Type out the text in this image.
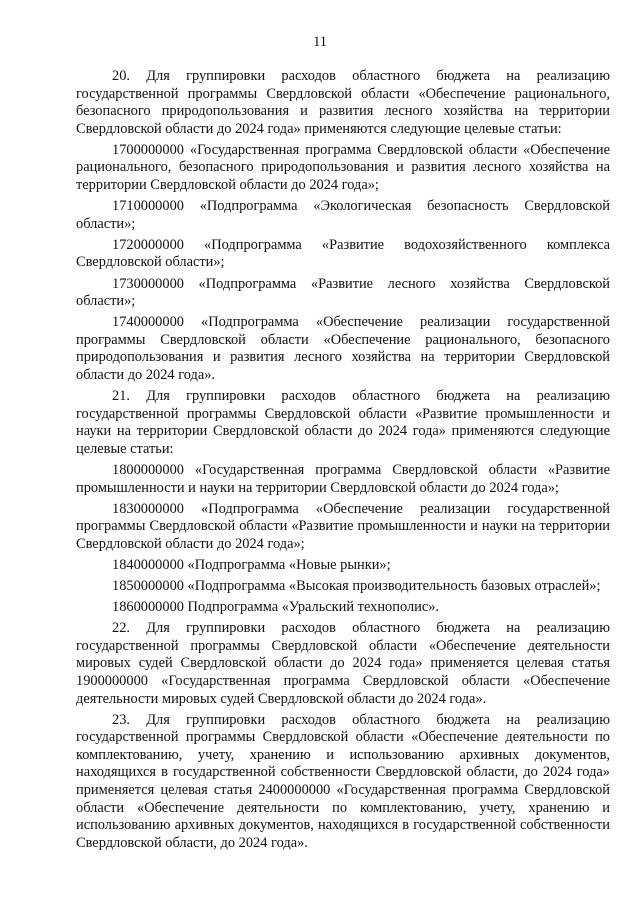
11

20. Для группировки расходов областного бюджета на реализацию государственной программы Свердловской области «Обеспечение рационального, безопасного природопользования и развития лесного хозяйства на территории Свердловской области до 2024 года» применяются следующие целевые статьи:

1700000000 «Государственная программа Свердловской области «Обеспечение рационального, безопасного природопользования и развития лесного хозяйства на территории Свердловской области до 2024 года»;

1710000000 «Подпрограмма «Экологическая безопасность Свердловской области»;

1720000000 «Подпрограмма «Развитие водохозяйственного комплекса Свердловской области»;

1730000000 «Подпрограмма «Развитие лесного хозяйства Свердловской области»;

1740000000 «Подпрограмма «Обеспечение реализации государственной программы Свердловской области «Обеспечение рационального, безопасного природопользования и развития лесного хозяйства на территории Свердловской области до 2024 года».

21. Для группировки расходов областного бюджета на реализацию государственной программы Свердловской области «Развитие промышленности и науки на территории Свердловской области до 2024 года» применяются следующие целевые статьи:

1800000000 «Государственная программа Свердловской области «Развитие промышленности и науки на территории Свердловской области до 2024 года»;

1830000000 «Подпрограмма «Обеспечение реализации государственной программы Свердловской области «Развитие промышленности и науки на территории Свердловской области до 2024 года»;

1840000000 «Подпрограмма «Новые рынки»;

1850000000 «Подпрограмма «Высокая производительность базовых отраслей»;

1860000000 Подпрограмма «Уральский технополис».

22. Для группировки расходов областного бюджета на реализацию государственной программы Свердловской области «Обеспечение деятельности мировых судей Свердловской области до 2024 года» применяется целевая статья 1900000000 «Государственная программа Свердловской области «Обеспечение деятельности мировых судей Свердловской области до 2024 года».

23. Для группировки расходов областного бюджета на реализацию государственной программы Свердловской области «Обеспечение деятельности по комплектованию, учету, хранению и использованию архивных документов, находящихся в государственной собственности Свердловской области, до 2024 года» применяется целевая статья 2400000000 «Государственная программа Свердловской области «Обеспечение деятельности по комплектованию, учету, хранению и использованию архивных документов, находящихся в государственной собственности Свердловской области, до 2024 года».
